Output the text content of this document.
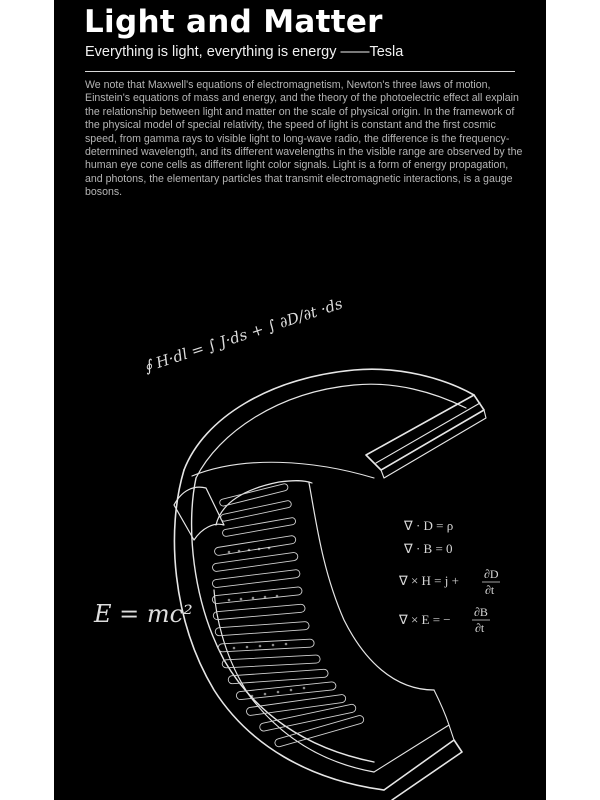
Light and Matter
Everything is light, everything is energy ——Tesla

We note that Maxwell's equations of electromagnetism, Newton's three laws of motion, Einstein's equations of mass and energy, and the theory of the photoelectric effect all explain the relationship between light and matter on the scale of physical origin. In the framework of the physical model of special relativity, the speed of light is constant and the first cosmic speed, from gamma rays to visible light to long-wave radio, the difference is the frequency-determined wavelength, and its different wavelengths in the visible range are observed by the human eye cone cells as different light color signals. Light is a form of energy propagation, and photons, the elementary particles that transmit electromagnetic interactions, is a gauge bosons.

∮ H·dl = ∫ J·ds + ∫ ∂D/∂t ·ds
E = mc²
∇ · D = ρ
∇ · B = 0
∇ × H = j + ∂D
∂t
∇ × E = − ∂B
∂t
